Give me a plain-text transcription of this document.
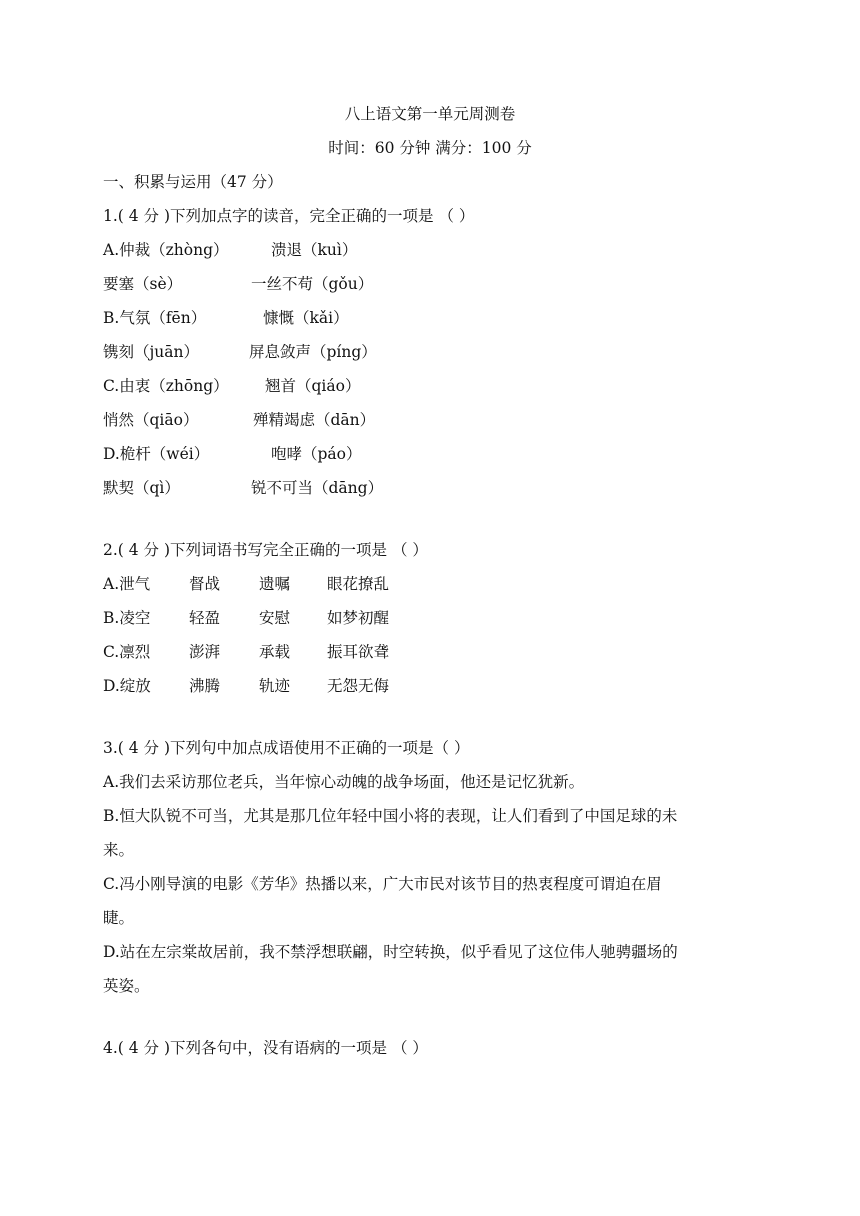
八上语文第一单元周测卷
时间：60 分钟 满分：100 分
一、积累与运用（47 分）
1.( 4 分 )下列加点字的读音，完全正确的一项是 （ ）
A.仲裁（zhòng）	溃退（kuì）
要塞（sè）	一丝不苟（gǒu）
B.气氛（fēn）	慷慨（kǎi）
镌刻（juān）	屏息敛声（píng）
C.由衷（zhōng） 翘首（qiáo）
悄然（qiāo）	殚精竭虑（dān）
D.桅杆（wéi）	咆哮（páo）
默契（qì）	锐不可当（dāng）
2.( 4 分 )下列词语书写完全正确的一项是 （ ）
A.泄气	督战	遗嘱 眼花撩乱
B.凌空 轻盈	安慰 如梦初醒
C.凛烈	澎湃	承载 振耳欲聋
D.绽放 沸腾	轨迹 无怨无侮
3.( 4 分 )下列句中加点成语使用不正确的一项是（ ）
A.我们去采访那位老兵，当年惊心动魄的战争场面，他还是记忆犹新。
B.恒大队锐不可当，尤其是那几位年轻中国小将的表现，让人们看到了中国足球的未
来。
C.冯小刚导演的电影《芳华》热播以来，广大市民对该节目的热衷程度可谓迫在眉
睫。
D.站在左宗棠故居前，我不禁浮想联翩，时空转换，似乎看见了这位伟人驰骋疆场的
英姿。
4.( 4 分 )下列各句中，没有语病的一项是 （ ）
